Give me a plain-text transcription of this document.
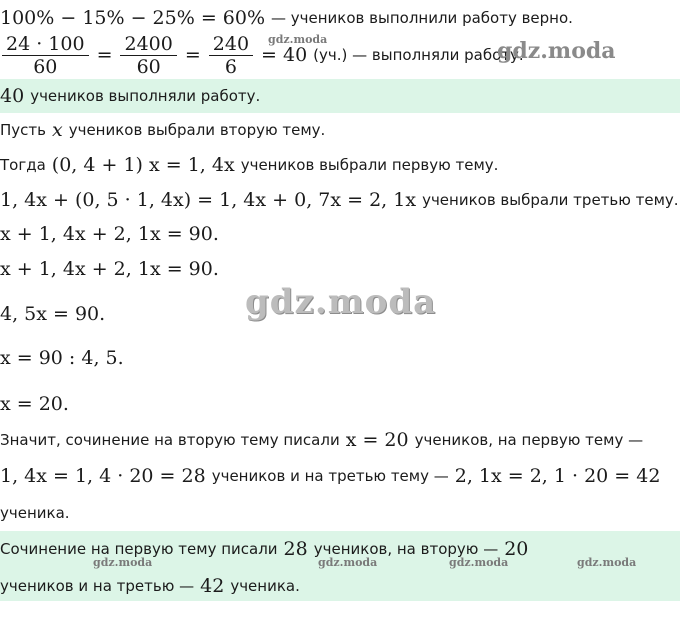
100% − 15% − 25% = 60% — учеников выполнили работу верно.
$\frac{24 \cdot 100}{60} = \frac{2400}{60} = \frac{240}{6} = 40$ (уч.) — выполняли работу.
40 учеников выполняли работу.
Пусть x учеников выбрали вторую тему.
Тогда (0, 4 + 1) x = 1, 4x учеников выбрали первую тему.
1, 4x + (0, 5 · 1, 4x) = 1, 4x + 0, 7x = 2, 1x учеников выбрали третью тему.
x + 1, 4x + 2, 1x = 90.
x + 1, 4x + 2, 1x = 90.
4, 5x = 90.
x = 90 : 4, 5.
x = 20.
Значит, сочинение на вторую тему писали x = 20 учеников, на первую тему —
1, 4x = 1, 4 · 20 = 28 учеников и на третью тему — 2, 1x = 2, 1 · 20 = 42
ученика.
Сочинение на первую тему писали 28 учеников, на вторую — 20
учеников и на третью — 42 ученика.
gdz.moda	gdz.moda
gdz.moda
gdz.moda	gdz.moda	gdz.moda	gdz.moda
